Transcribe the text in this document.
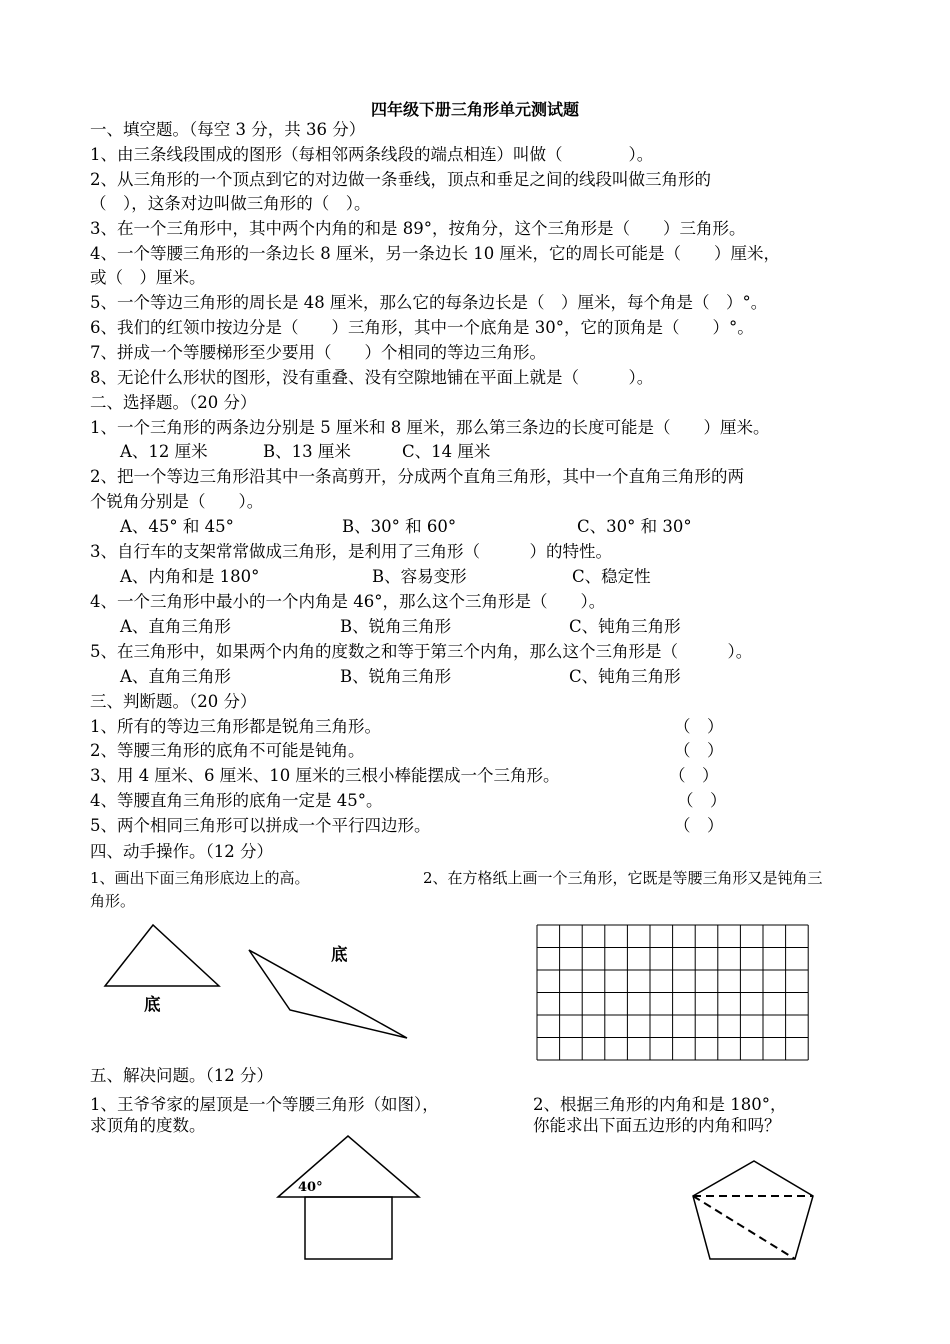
四年级下册三角形单元测试题
一、填空题。（每空 3 分，共 36 分）
1、由三条线段围成的图形（每相邻两条线段的端点相连）叫做（　　　　）。
2、从三角形的一个顶点到它的对边做一条垂线，顶点和垂足之间的线段叫做三角形的
（　），这条对边叫做三角形的（　）。
3、在一个三角形中，其中两个内角的和是 89°，按角分，这个三角形是（　　）三角形。
4、一个等腰三角形的一条边长 8 厘米，另一条边长 10 厘米，它的周长可能是（　　）厘米，
或（　）厘米。
5、一个等边三角形的周长是 48 厘米，那么它的每条边长是（　）厘米，每个角是（　）°。
6、我们的红领巾按边分是（　　）三角形，其中一个底角是 30°，它的顶角是（　　）°。
7、拼成一个等腰梯形至少要用（　　）个相同的等边三角形。
8、无论什么形状的图形，没有重叠、没有空隙地铺在平面上就是（　　　）。
二、选择题。（20 分）
1、一个三角形的两条边分别是 5 厘米和 8 厘米，那么第三条边的长度可能是（　　）厘米。
A、12 厘米	B、13 厘米	C、14 厘米
2、把一个等边三角形沿其中一条高剪开，分成两个直角三角形，其中一个直角三角形的两
个锐角分别是（　　）。
A、45° 和 45°	B、30° 和 60°	C、30° 和 30°
3、自行车的支架常常做成三角形，是利用了三角形（　　　）的特性。
A、内角和是 180°	B、容易变形	C、稳定性
4、一个三角形中最小的一个内角是 46°，那么这个三角形是（　　）。
A、直角三角形	B、锐角三角形	C、钝角三角形
5、在三角形中，如果两个内角的度数之和等于第三个内角，那么这个三角形是（　　　）。
A、直角三角形	B、锐角三角形	C、钝角三角形
三、判断题。（20 分）
1、所有的等边三角形都是锐角三角形。	（　）
2、等腰三角形的底角不可能是钝角。	（　）
3、用 4 厘米、6 厘米、10 厘米的三根小棒能摆成一个三角形。	（　）
4、等腰直角三角形的底角一定是 45°。	（　）
5、两个相同三角形可以拼成一个平行四边形。	（　）
四、动手操作。（12 分）
1、画出下面三角形底边上的高。	2、在方格纸上画一个三角形，它既是等腰三角形又是钝角三
角形。
底
底
五、解决问题。（12 分）
1、王爷爷家的屋顶是一个等腰三角形（如图），
求顶角的度数。
2、根据三角形的内角和是 180°，
你能求出下面五边形的内角和吗？
40°
